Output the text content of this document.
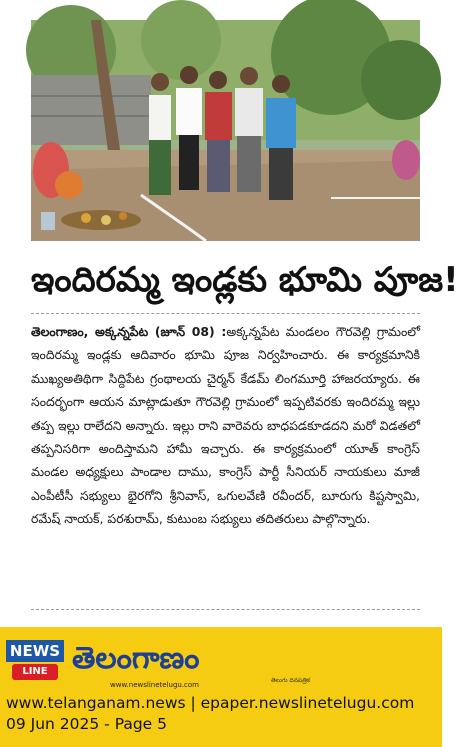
ఇందిరమ్మ ఇండ్లకు భూమి పూజ!
తెలంగాణం, అక్కన్నపేట (జూన్ 08) :అక్కన్నపేట మండలం గౌరవెల్లి గ్రామంలో ఇందిరమ్మ ఇండ్లకు ఆదివారం భూమి పూజ నిర్వహించారు. ఈ కార్యక్రమానికి ముఖ్యఅతిథిగా సిద్దిపేట గ్రంథాలయ చైర్మన్ కేడమ్ లింగమూర్తి హాజరయ్యారు. ఈ సందర్భంగా ఆయన మాట్లాడుతూ గౌరవెల్లి గ్రామంలో ఇప్పటివరకు ఇందిరమ్మ ఇల్లు తప్ప ఇల్లు రాలేదని అన్నారు. ఇల్లు రాని వారెవరు బాధపడకూడదని మరో విడతలో తప్పనిసరిగా అందిస్తామని హామీ ఇచ్చారు. ఈ కార్యక్రమంలో యూత్ కాంగ్రెస్ మండల అధ్యక్షులు పాండాల దాము, కాంగ్రెస్ పార్టీ సీనియర్ నాయకులు మాజీ ఎంపీటీసీ సభ్యులు భైరగోని శ్రీనివాస్, ఒగులవేణి రవీందర్, బూరుగు కిష్టస్వామి, రమేష్ నాయక్, పరశురామ్, కుటుంబ సభ్యులు తదితరులు పాల్గొన్నారు.
NEWS
LINE తెలంగాణం
తెలుగు దినపత్రిక
www.newslinetelugu.com
www.telanganam.news | epaper.newslinetelugu.com
09 Jun 2025 - Page 5
